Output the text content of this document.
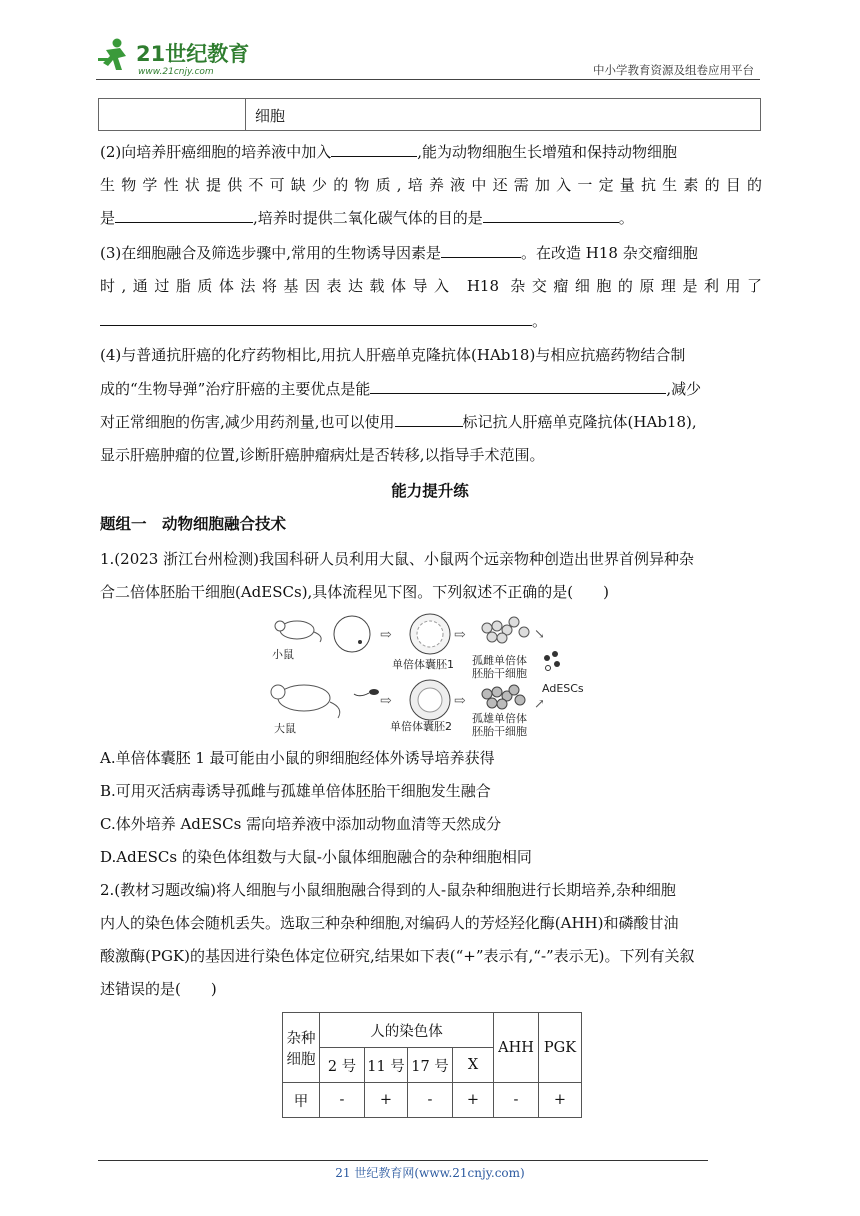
21世纪教育
www.21cnjy.com	中小学教育资源及组卷应用平台
细胞
(2)向培养肝癌细胞的培养液中加入	,能为动物细胞生长增殖和保持动物细胞
生物学性状提供不可缺少的物质,培养液中还需加入一定量抗生素的目的
是	,培养时提供二氧化碳气体的目的是	。
(3)在细胞融合及筛选步骤中,常用的生物诱导因素是	。在改造 H18 杂交瘤细胞
时,通过脂质体法将基因表达载体导入 H18 杂交瘤细胞的原理是利用了
。
(4)与普通抗肝癌的化疗药物相比,用抗人肝癌单克隆抗体(HAb18)与相应抗癌药物结合制
成的“生物导弹”治疗肝癌的主要优点是能	,减少
对正常细胞的伤害,减少用药剂量,也可以使用	标记抗人肝癌单克隆抗体(HAb18),
显示肝癌肿瘤的位置,诊断肝癌肿瘤病灶是否转移,以指导手术范围。
能力提升练
题组一　动物细胞融合技术
1.(2023 浙江台州检测)我国科研人员利用大鼠、小鼠两个远亲物种创造出世界首例异种杂
合二倍体胚胎干细胞(AdESCs),具体流程见下图。下列叙述不正确的是(　　)
小鼠
⇨
单倍体囊胚1
⇨
孤雌单倍体
胚胎干细胞
↘
AdESCs
↗
大鼠
⇨
单倍体囊胚2
⇨
孤雄单倍体
胚胎干细胞
A.单倍体囊胚 1 最可能由小鼠的卵细胞经体外诱导培养获得
B.可用灭活病毒诱导孤雌与孤雄单倍体胚胎干细胞发生融合
C.体外培养 AdESCs 需向培养液中添加动物血清等天然成分
D.AdESCs 的染色体组数与大鼠-小鼠体细胞融合的杂种细胞相同
2.(教材习题改编)将人细胞与小鼠细胞融合得到的人-鼠杂种细胞进行长期培养,杂种细胞
内人的染色体会随机丢失。选取三种杂种细胞,对编码人的芳烃羟化酶(AHH)和磷酸甘油
酸激酶(PGK)的基因进行染色体定位研究,结果如下表(“+”表示有,“-”表示无)。下列有关叙
述错误的是(　　)
杂种
细胞	人的染色体				AHH	PGK
	2 号	11 号	17 号	X		
甲	-	+	-	+	-	+
21 世纪教育网(www.21cnjy.com)
